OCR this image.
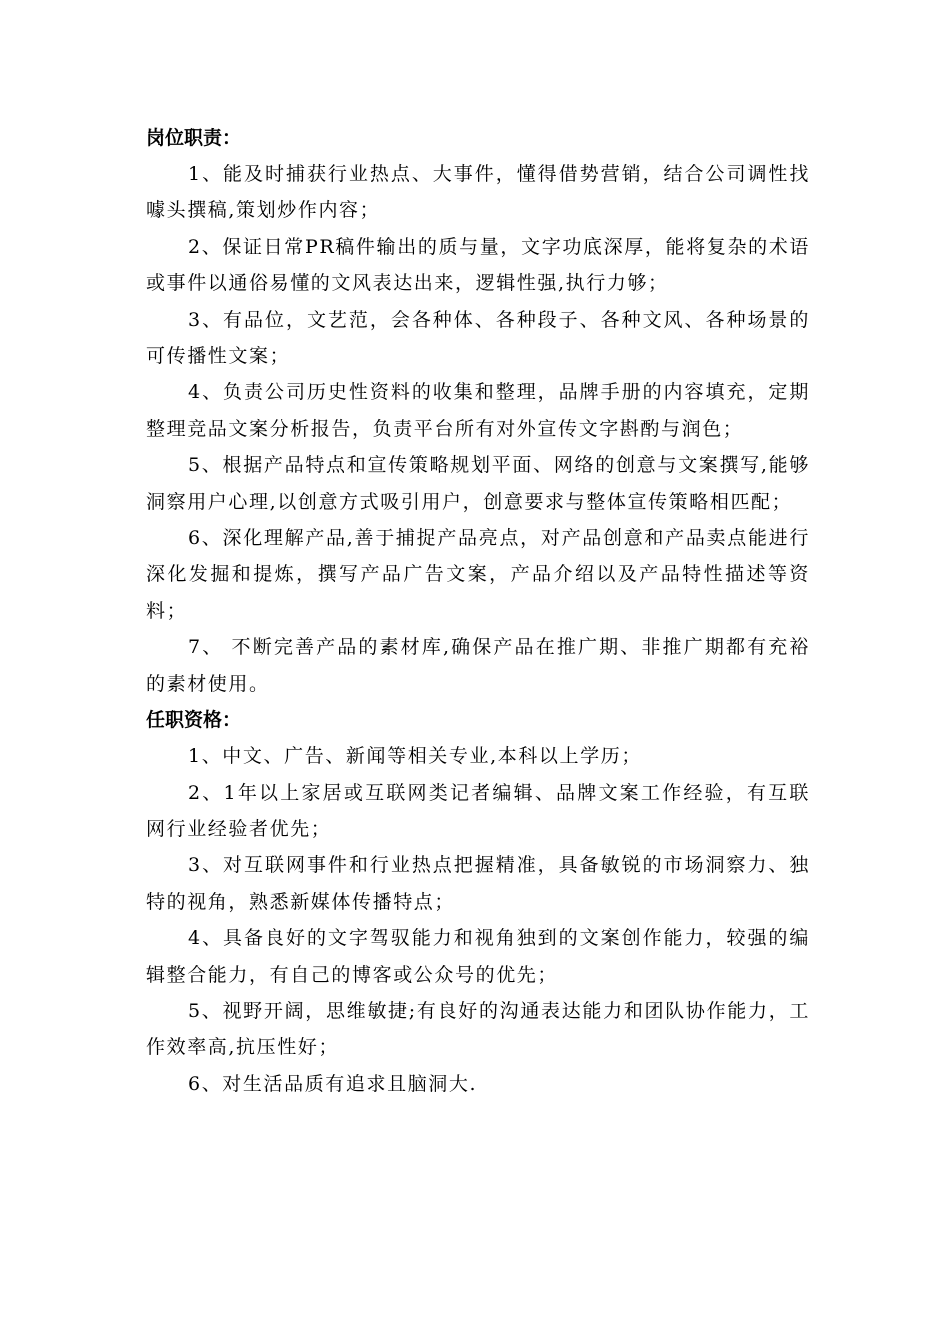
岗位职责：

1、能及时捕获行业热点、大事件，懂得借势营销，结合公司调性找噱头撰稿,策划炒作内容；

2、保证日常PR稿件输出的质与量，文字功底深厚，能将复杂的术语或事件以通俗易懂的文风表达出来，逻辑性强,执行力够；

3、有品位，文艺范，会各种体、各种段子、各种文风、各种场景的可传播性文案；

4、负责公司历史性资料的收集和整理，品牌手册的内容填充，定期整理竞品文案分析报告，负责平台所有对外宣传文字斟酌与润色；

5、根据产品特点和宣传策略规划平面、网络的创意与文案撰写,能够洞察用户心理,以创意方式吸引用户，创意要求与整体宣传策略相匹配；

6、深化理解产品,善于捕捉产品亮点，对产品创意和产品卖点能进行深化发掘和提炼，撰写产品广告文案，产品介绍以及产品特性描述等资料；

7、 不断完善产品的素材库,确保产品在推广期、非推广期都有充裕的素材使用。

任职资格：

1、中文、广告、新闻等相关专业,本科以上学历；

2、1年以上家居或互联网类记者编辑、品牌文案工作经验，有互联网行业经验者优先；

3、对互联网事件和行业热点把握精准，具备敏锐的市场洞察力、独特的视角，熟悉新媒体传播特点；

4、具备良好的文字驾驭能力和视角独到的文案创作能力，较强的编辑整合能力，有自己的博客或公众号的优先；

5、视野开阔，思维敏捷;有良好的沟通表达能力和团队协作能力，工作效率高,抗压性好；

6、对生活品质有追求且脑洞大.
